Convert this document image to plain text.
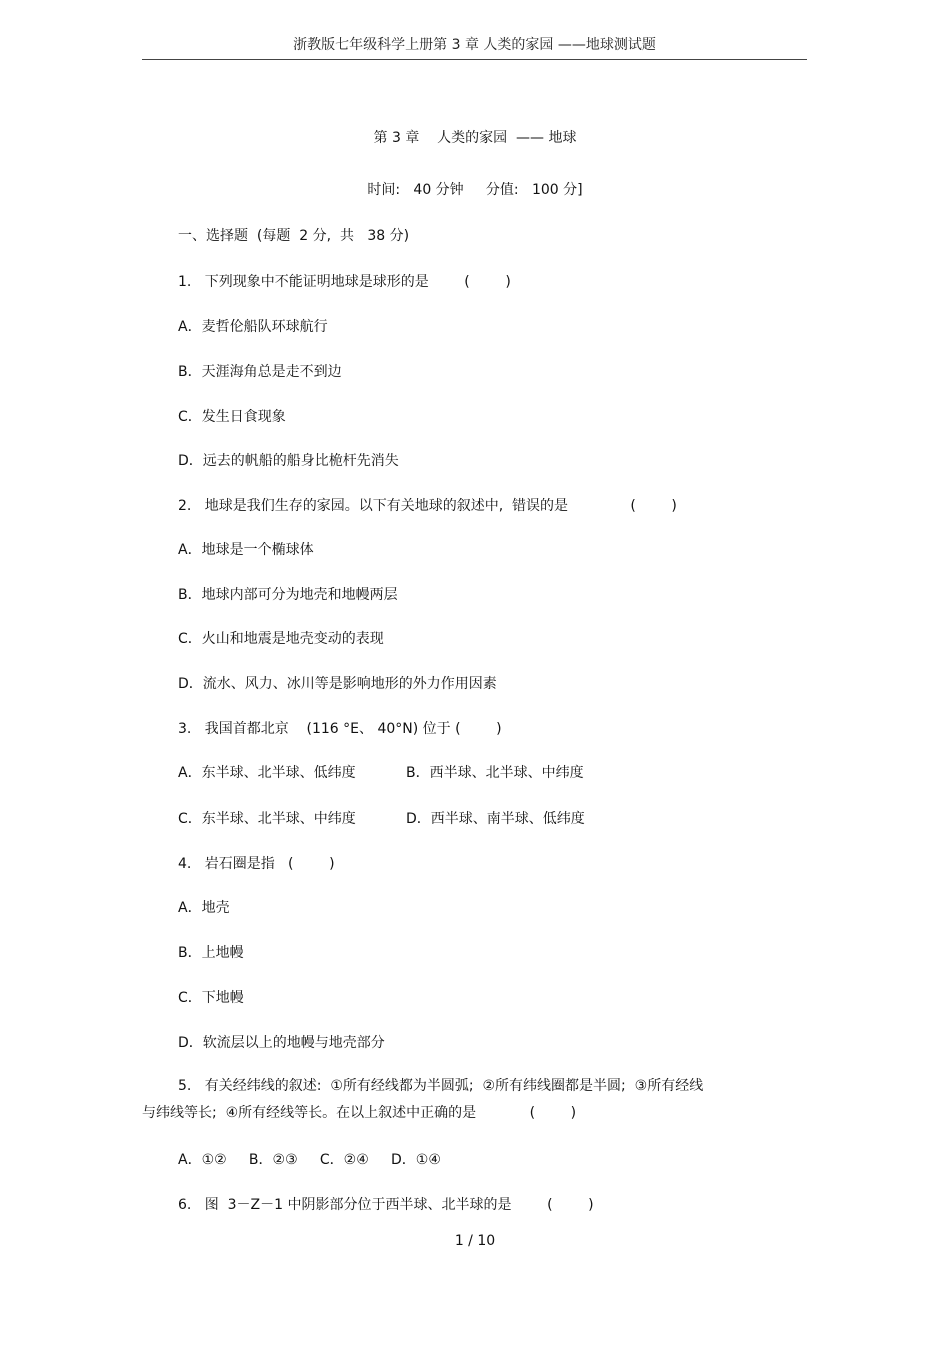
浙教版七年级科学上册第 3 章 人类的家园 ——地球测试题
第 3 章    人类的家园  —— 地球
时间:   40 分钟     分值:   100 分]
一、选择题  (每题  2 分,  共   38 分)
1.   下列现象中不能证明地球是球形的是        (        )
A．麦哲伦船队环球航行
B．天涯海角总是走不到边
C．发生日食现象
D．远去的帆船的船身比桅杆先消失
2.   地球是我们生存的家园。以下有关地球的叙述中,  错误的是              (        )
A．地球是一个椭球体
B．地球内部可分为地壳和地幔两层
C．火山和地震是地壳变动的表现
D．流水、风力、冰川等是影响地形的外力作用因素
3.   我国首都北京    (116 °E、 40°N) 位于 (        )
A．东半球、北半球、低纬度	B．西半球、北半球、中纬度
C．东半球、北半球、中纬度	D．西半球、南半球、低纬度
4.   岩石圈是指   (        )
A．地壳
B．上地幔
C．下地幔
D．软流层以上的地幔与地壳部分
5.   有关经纬线的叙述:  ①所有经线都为半圆弧;  ②所有纬线圈都是半圆;  ③所有经线
与纬线等长;  ④所有经线等长。在以上叙述中正确的是            (        )
A．①②     B．②③     C．②④     D．①④
6.   图  3－Z－1 中阴影部分位于西半球、北半球的是        (        )
1 / 10
